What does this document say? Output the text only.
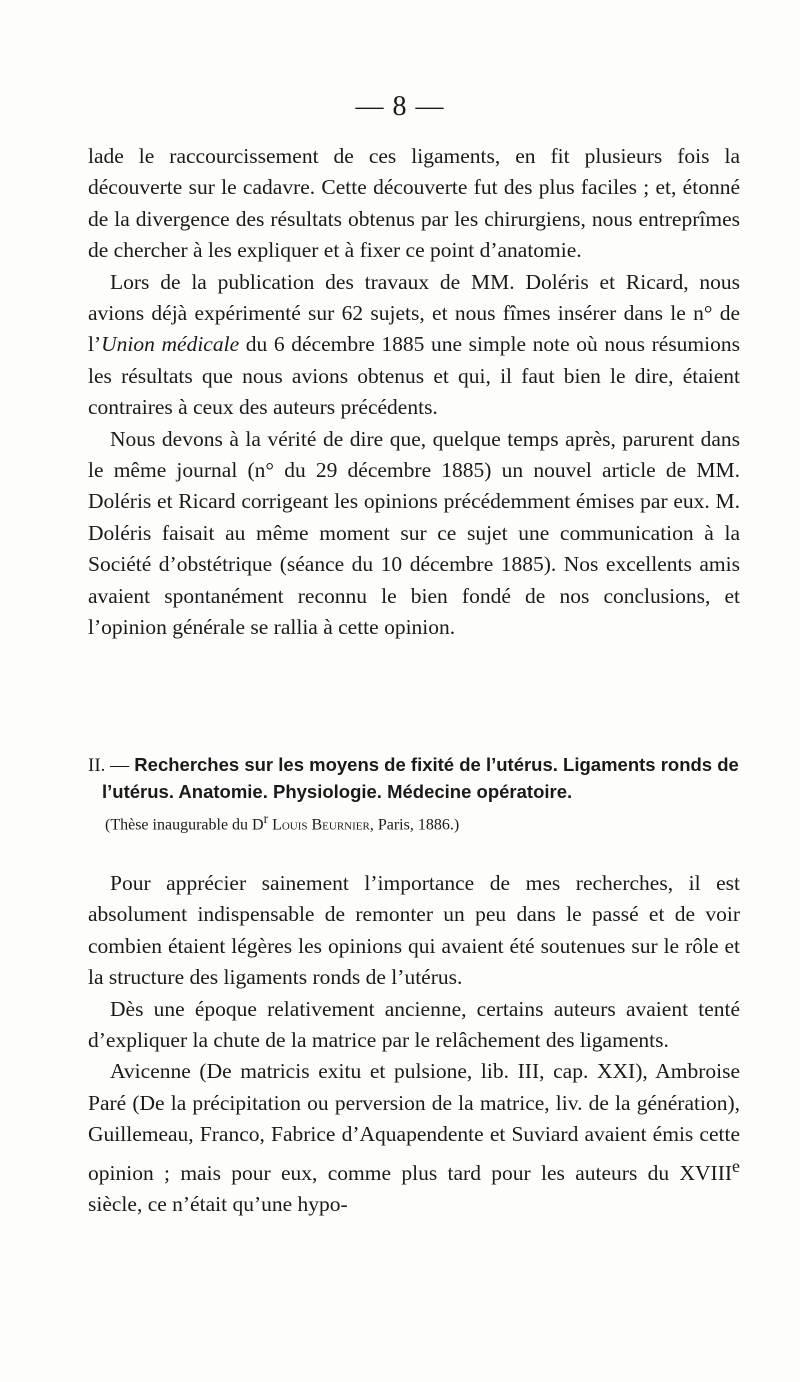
— 8 —

lade le raccourcissement de ces ligaments, en fit plusieurs fois la découverte sur le cadavre. Cette découverte fut des plus faciles ; et, étonné de la divergence des résultats obtenus par les chirurgiens, nous entreprîmes de chercher à les expliquer et à fixer ce point d’anatomie.

Lors de la publication des travaux de MM. Doléris et Ricard, nous avions déjà expérimenté sur 62 sujets, et nous fîmes insérer dans le n° de l’Union médicale du 6 décembre 1885 une simple note où nous résumions les résultats que nous avions obtenus et qui, il faut bien le dire, étaient contraires à ceux des auteurs précédents.

Nous devons à la vérité de dire que, quelque temps après, parurent dans le même journal (n° du 29 décembre 1885) un nouvel article de MM. Doléris et Ricard corrigeant les opinions précédemment émises par eux. M. Doléris faisait au même moment sur ce sujet une communication à la Société d’obstétrique (séance du 10 décembre 1885). Nos excellents amis avaient spontanément reconnu le bien fondé de nos conclusions, et l’opinion générale se rallia à cette opinion.

II. — Recherches sur les moyens de fixité de l’utérus. Ligaments ronds de l’utérus. Anatomie. Physiologie. Médecine opératoire.

(Thèse inaugurable du $D^r$ Louis Beurnier, Paris, 1886.)

Pour apprécier sainement l’importance de mes recherches, il est absolument indispensable de remonter un peu dans le passé et de voir combien étaient légères les opinions qui avaient été soutenues sur le rôle et la structure des ligaments ronds de l’utérus.

Dès une époque relativement ancienne, certains auteurs avaient tenté d’expliquer la chute de la matrice par le relâchement des ligaments.

Avicenne (De matricis exitu et pulsione, lib. III, cap. XXI), Ambroise Paré (De la précipitation ou perversion de la matrice, liv. de la génération), Guillemeau, Franco, Fabrice d’Aquapendente et Suviard avaient émis cette opinion ; mais pour eux, comme plus tard pour les auteurs du XVIIIe siècle, ce n’était qu’une hypo-
